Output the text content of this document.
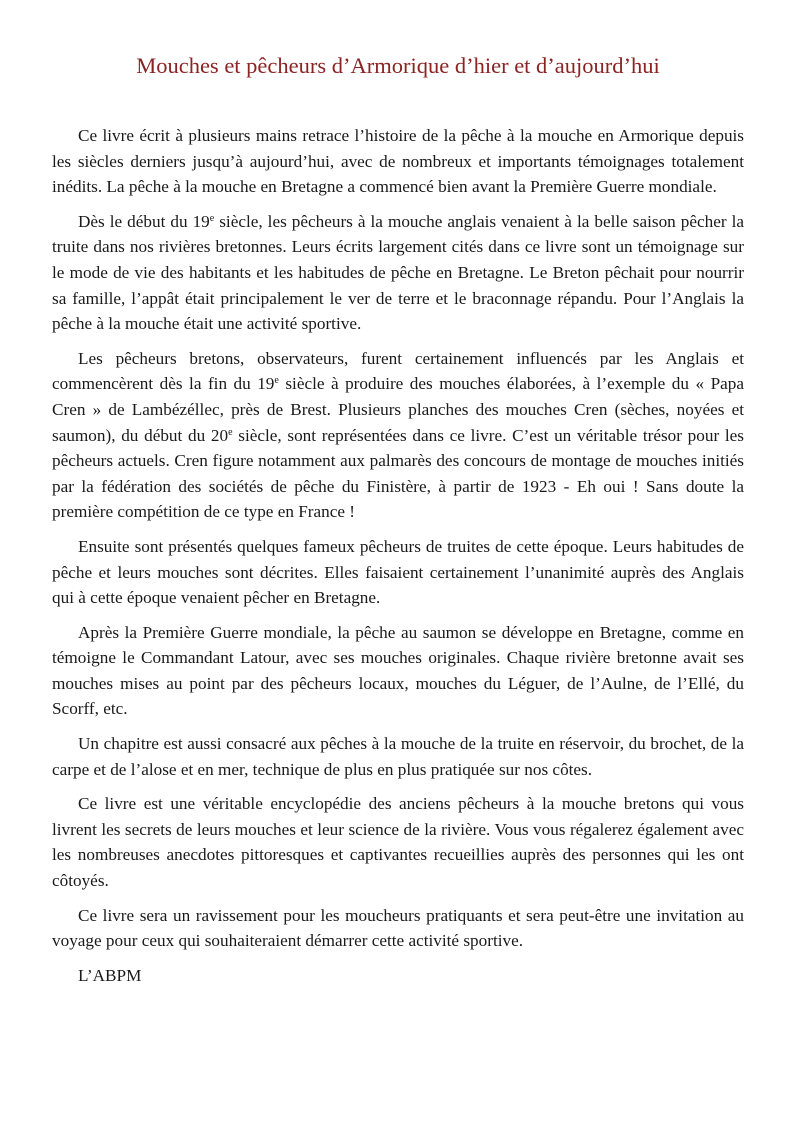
Mouches et pêcheurs d’Armorique d’hier et d’aujourd’hui

Ce livre écrit à plusieurs mains retrace l’histoire de la pêche à la mouche en Armorique depuis les siècles derniers jusqu’à aujourd’hui, avec de nombreux et importants témoignages totalement inédits. La pêche à la mouche en Bretagne a commencé bien avant la Première Guerre mondiale.

Dès le début du 19e siècle, les pêcheurs à la mouche anglais venaient à la belle saison pêcher la truite dans nos rivières bretonnes. Leurs écrits largement cités dans ce livre sont un témoignage sur le mode de vie des habitants et les habitudes de pêche en Bretagne. Le Breton pêchait pour nourrir sa famille, l’appât était principalement le ver de terre et le braconnage répandu. Pour l’Anglais la pêche à la mouche était une activité sportive.

Les pêcheurs bretons, observateurs, furent certainement influencés par les Anglais et commencèrent dès la fin du 19e siècle à produire des mouches élaborées, à l’exemple du « Papa Cren » de Lambézéllec, près de Brest. Plusieurs planches des mouches Cren (sèches, noyées et saumon), du début du 20e siècle, sont représentées dans ce livre. C’est un véritable trésor pour les pêcheurs actuels. Cren figure notamment aux palmarès des concours de montage de mouches initiés par la fédération des sociétés de pêche du Finistère, à partir de 1923 - Eh oui ! Sans doute la première compétition de ce type en France !

Ensuite sont présentés quelques fameux pêcheurs de truites de cette époque. Leurs habitudes de pêche et leurs mouches sont décrites. Elles faisaient certainement l’unanimité auprès des Anglais qui à cette époque venaient pêcher en Bretagne.

Après la Première Guerre mondiale, la pêche au saumon se développe en Bretagne, comme en témoigne le Commandant Latour, avec ses mouches originales. Chaque rivière bretonne avait ses mouches mises au point par des pêcheurs locaux, mouches du Léguer, de l’Aulne, de l’Ellé, du Scorff, etc.

Un chapitre est aussi consacré aux pêches à la mouche de la truite en réservoir, du brochet, de la carpe et de l’alose et en mer, technique de plus en plus pratiquée sur nos côtes.

Ce livre est une véritable encyclopédie des anciens pêcheurs à la mouche bretons qui vous livrent les secrets de leurs mouches et leur science de la rivière. Vous vous régalerez également avec les nombreuses anecdotes pittoresques et captivantes recueillies auprès des personnes qui les ont côtoyés.

Ce livre sera un ravissement pour les moucheurs pratiquants et sera peut-être une invitation au voyage pour ceux qui souhaiteraient démarrer cette activité sportive.

L’ABPM
